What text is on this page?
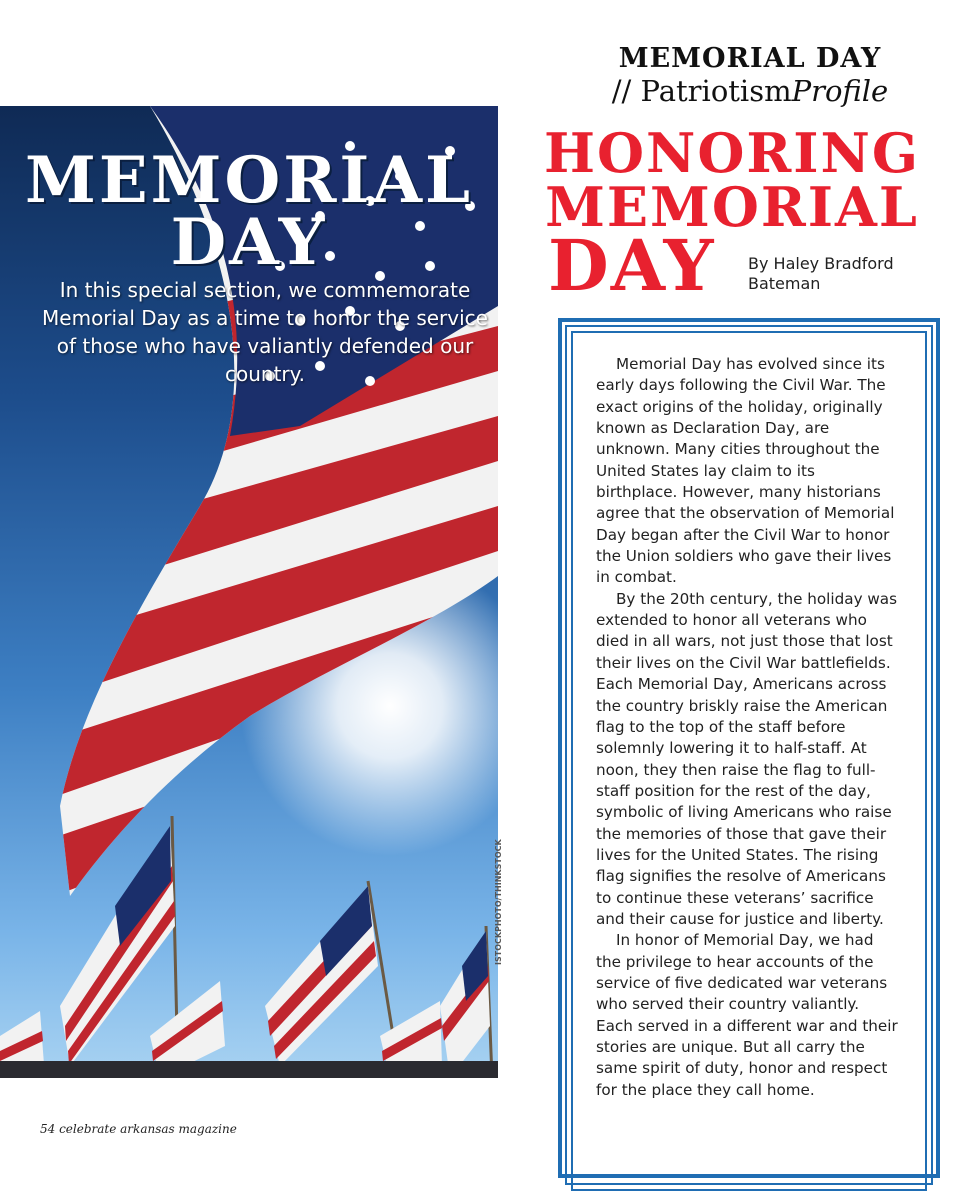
MEMORIAL
DAY

In this special section, we commemorate Memorial Day as a time to honor the service of those who have valiantly defended our country.

ISTOCKPHOTO/THINKSTOCK
MEMORIAL DAY
// PatriotismProfile
HONORING
MEMORIAL
DAY	By Haley Bradford Bateman

Memorial Day has evolved since its early days following the Civil War. The exact origins of the holiday, originally known as Declaration Day, are unknown. Many cities throughout the United States lay claim to its birthplace. However, many historians agree that the observation of Memorial Day began after the Civil War to honor the Union soldiers who gave their lives in combat.

By the 20th century, the holiday was extended to honor all veterans who died in all wars, not just those that lost their lives on the Civil War battlefields. Each Memorial Day, Americans across the country briskly raise the American flag to the top of the staff before solemnly lowering it to half-staff. At noon, they then raise the flag to full-staff position for the rest of the day, symbolic of living Americans who raise the memories of those that gave their lives for the United States. The rising flag signifies the resolve of Americans to continue these veterans’ sacrifice and their cause for justice and liberty.

In honor of Memorial Day, we had the privilege to hear accounts of the service of five dedicated war veterans who served their country valiantly. Each served in a different war and their stories are unique. But all carry the same spirit of duty, honor and respect for the place they call home.

54 celebrate arkansas magazine
